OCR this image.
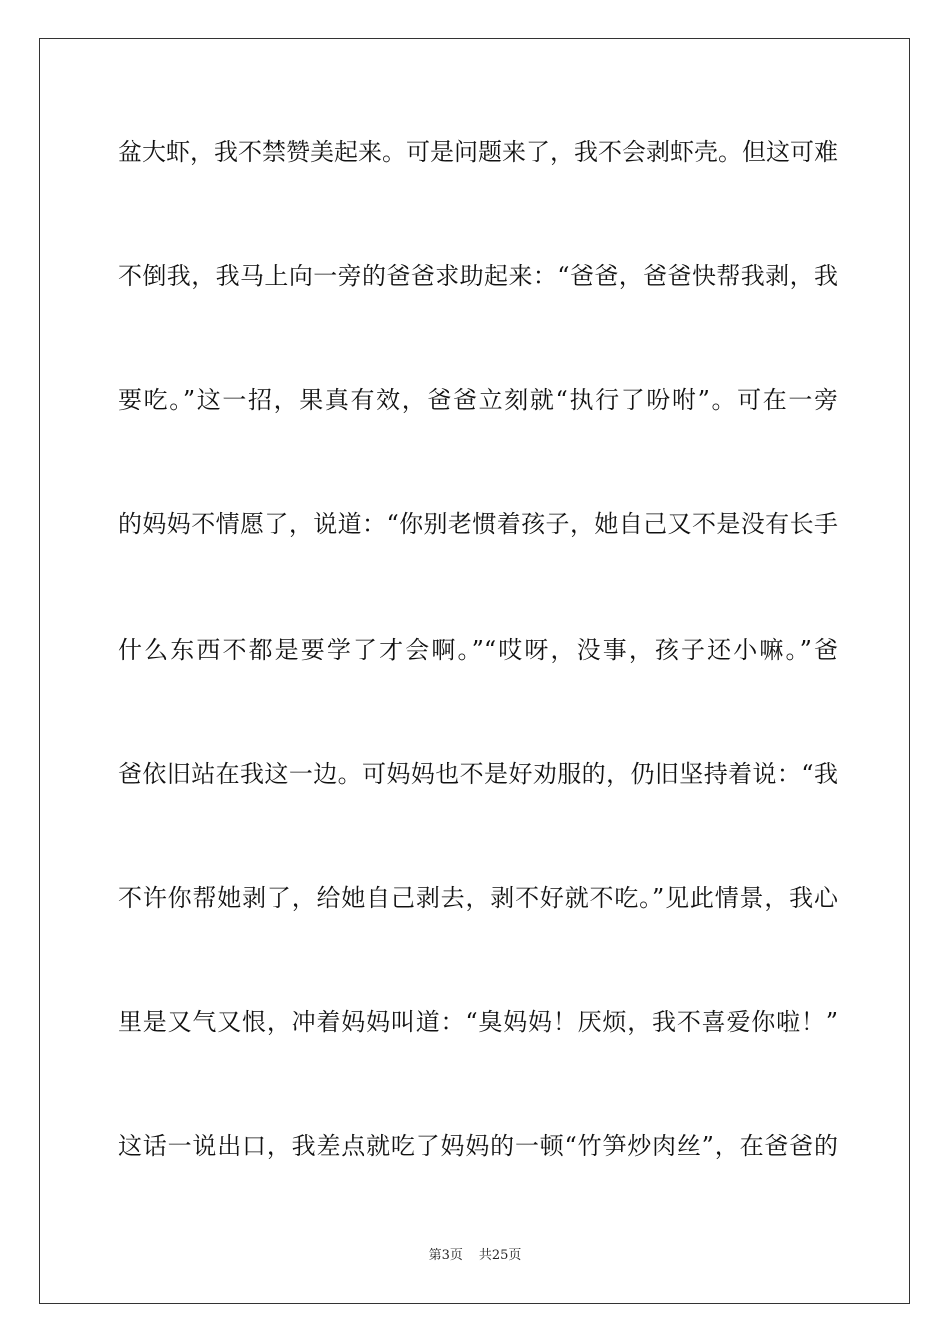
盆大虾，我不禁赞美起来。可是问题来了，我不会剥虾壳。但这可难
不倒我，我马上向一旁的爸爸求助起来：“爸爸，爸爸快帮我剥，我
要吃。”这一招，果真有效，爸爸立刻就“执行了吩咐”。可在一旁
的妈妈不情愿了，说道：“你别老惯着孩子，她自己又不是没有长手
什么东西不都是要学了才会啊。”“哎呀，没事，孩子还小嘛。”爸
爸依旧站在我这一边。可妈妈也不是好劝服的，仍旧坚持着说：“我
不许你帮她剥了，给她自己剥去，剥不好就不吃。”见此情景，我心
里是又气又恨，冲着妈妈叫道：“臭妈妈！厌烦，我不喜爱你啦！”
这话一说出口，我差点就吃了妈妈的一顿“竹笋炒肉丝”，在爸爸的
第3页 共25页
